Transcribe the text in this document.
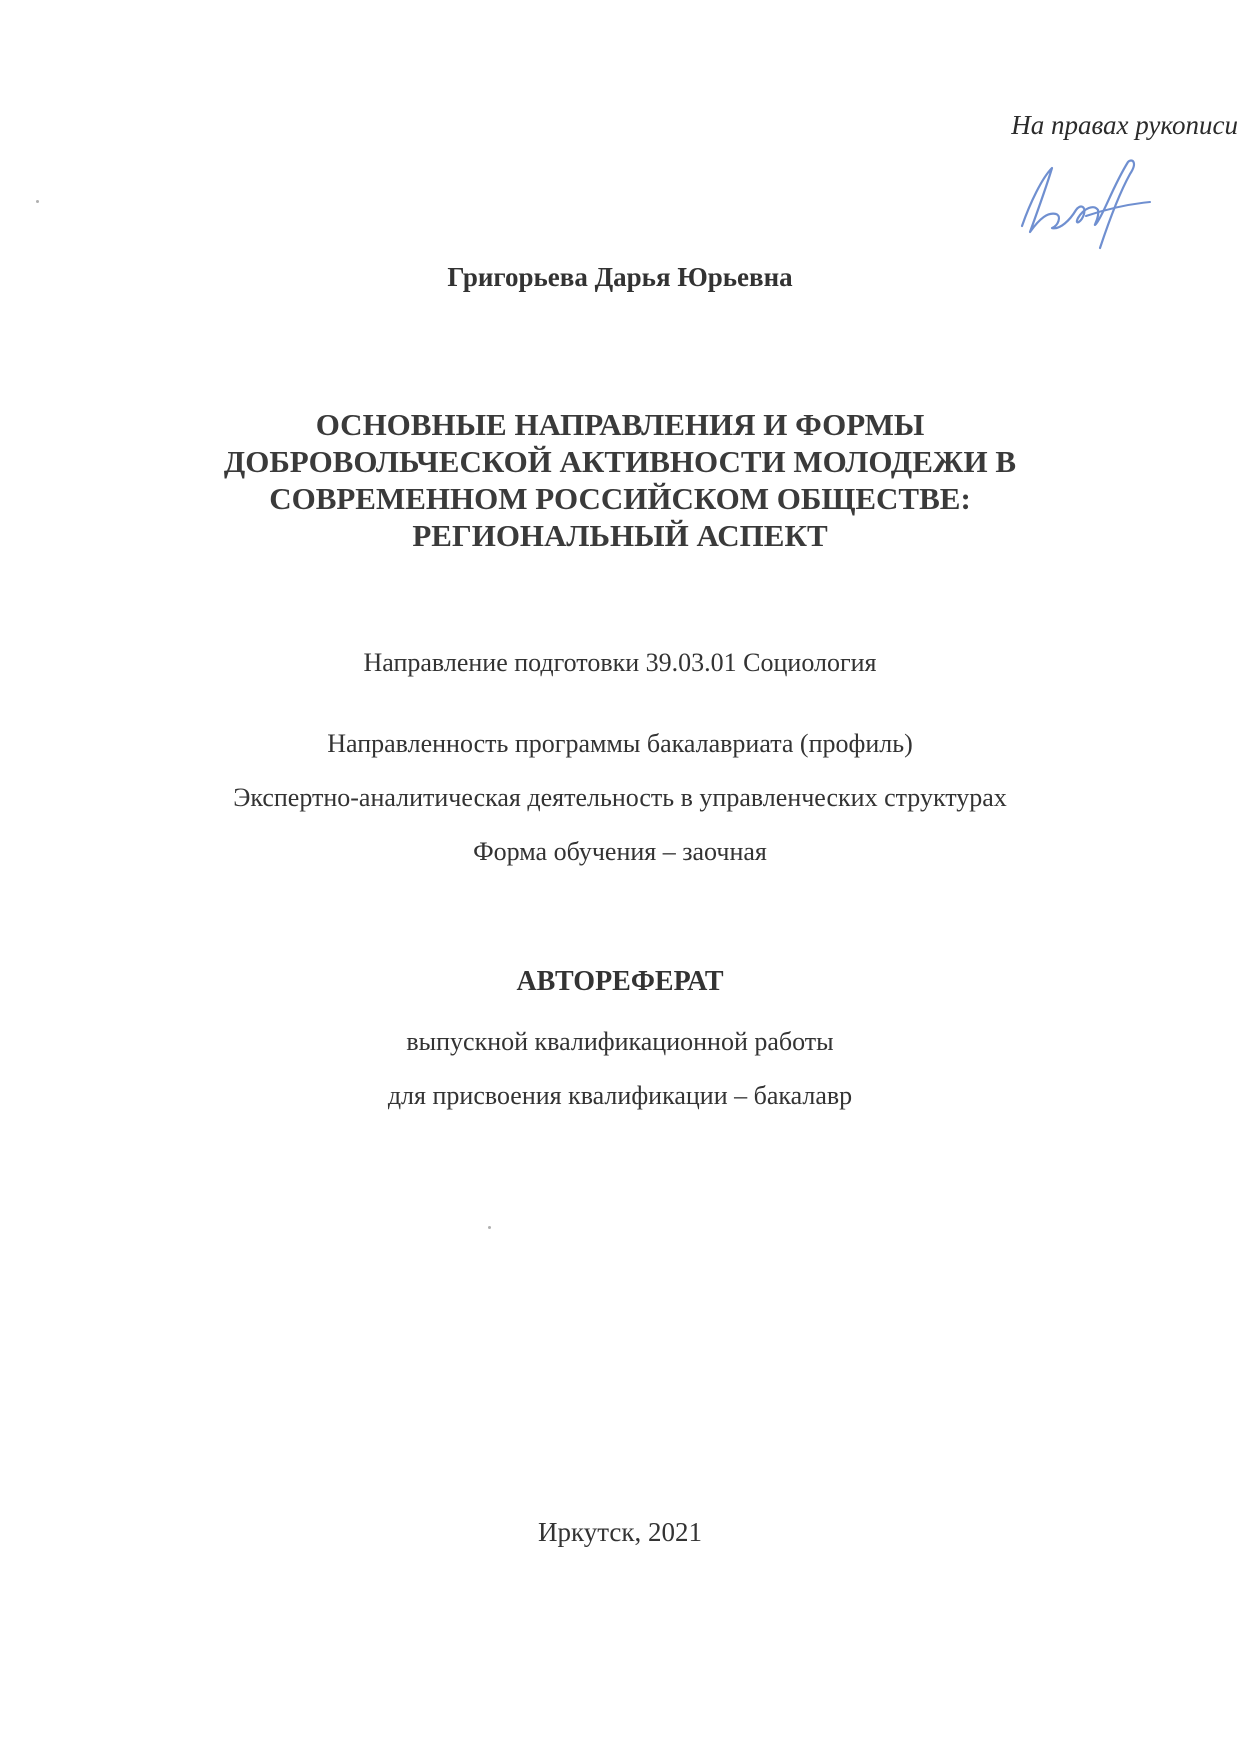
На правах рукописи
Григорьева Дарья Юрьевна
ОСНОВНЫЕ НАПРАВЛЕНИЯ И ФОРМЫ
ДОБРОВОЛЬЧЕСКОЙ АКТИВНОСТИ МОЛОДЕЖИ В
СОВРЕМЕННОМ РОССИЙСКОМ ОБЩЕСТВЕ:
РЕГИОНАЛЬНЫЙ АСПЕКТ
Направление подготовки 39.03.01 Социология
Направленность программы бакалавриата (профиль)
Экспертно-аналитическая деятельность в управленческих структурах
Форма обучения – заочная
АВТОРЕФЕРАТ
выпускной квалификационной работы
для присвоения квалификации – бакалавр
Иркутск, 2021
